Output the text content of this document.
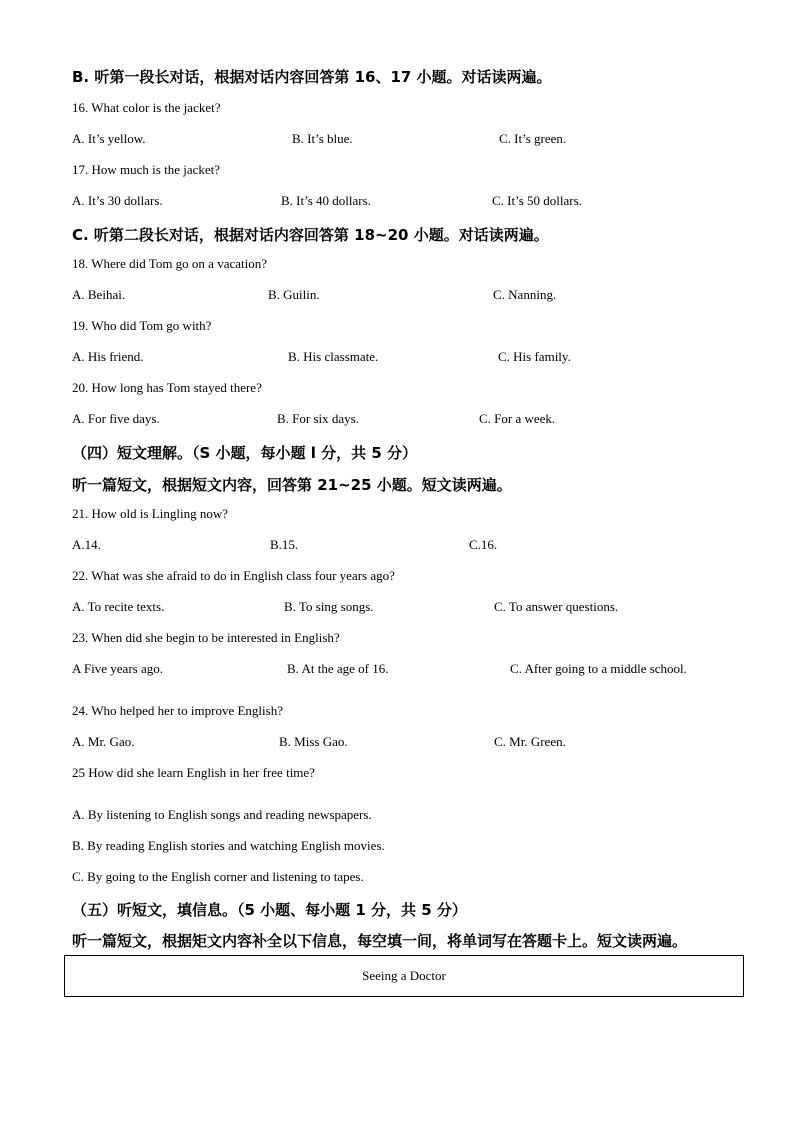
B. 听第一段长对话，根据对话内容回答第 16、17 小题。对话读两遍。
16. What color is the jacket?
A. It’s yellow.	B. It’s blue.	C. It’s green.
17. How much is the jacket?
A. It’s 30 dollars.	B. It’s 40 dollars.	C. It’s 50 dollars.
C. 听第二段长对话，根据对话内容回答第 18~20 小题。对话读两遍。
18. Where did Tom go on a vacation?
A. Beihai.	B. Guilin.	C. Nanning.
19. Who did Tom go with?
A. His friend.	B. His classmate.	C. His family.
20. How long has Tom stayed there?
A. For five days.	B. For six days.	C. For a week.
（四）短文理解。（S 小题，每小题 l 分，共 5 分）
听一篇短文，根据短文内容，回答第 21~25 小题。短文读两遍。
21. How old is Lingling now?
A.14.	B.15.	C.16.
22. What was she afraid to do in English class four years ago?
A. To recite texts.	B. To sing songs.	C. To answer questions.
23. When did she begin to be interested in English?
A Five years ago.	B. At the age of 16.	C. After going to a middle school.
24. Who helped her to improve English?
A. Mr. Gao.	B. Miss Gao.	C. Mr. Green.
25 How did she learn English in her free time?
A. By listening to English songs and reading newspapers.
B. By reading English stories and watching English movies.
C. By going to the English corner and listening to tapes.
（五）听短文，填信息。（5 小题、每小题 1 分，共 5 分）
听一篇短文，根据矩文内容补全以下信息，每空填一间，将单词写在答题卡上。短文读两遍。
Seeing a Doctor
